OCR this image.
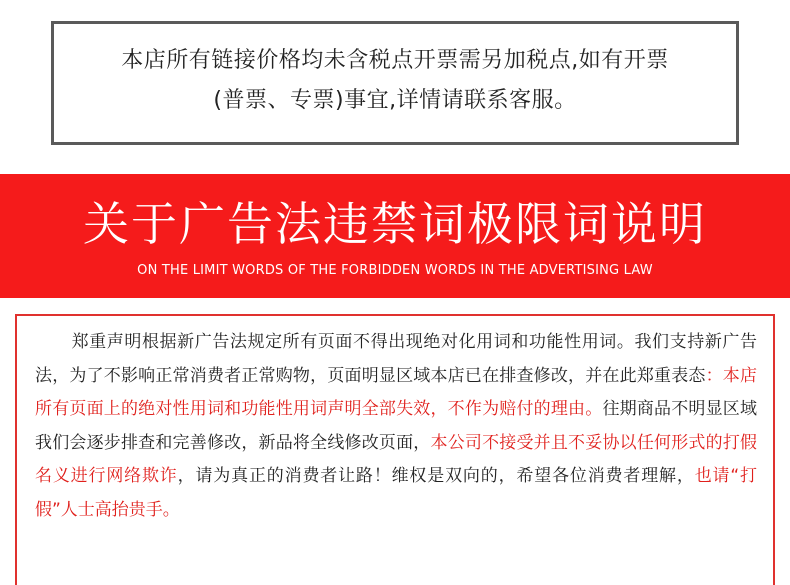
本店所有链接价格均未含税点开票需另加税点,如有开票
(普票、专票)事宜,详情请联系客服。
关于广告法违禁词极限词说明
ON THE LIMIT WORDS OF THE FORBIDDEN WORDS IN THE ADVERTISING LAW
郑重声明根据新广告法规定所有页面不得出现绝对化用词和功能性用词。我们支持新广告法，为了不影响正常消费者正常购物，页面明显区域本店已在排查修改，并在此郑重表态：本店所有页面上的绝对性用词和功能性用词声明全部失效，不作为赔付的理由。往期商品不明显区域我们会逐步排查和完善修改，新品将全线修改页面，本公司不接受并且不妥协以任何形式的打假名义进行网络欺诈，请为真正的消费者让路！维权是双向的，希望各位消费者理解，也请“打假”人士高抬贵手。
